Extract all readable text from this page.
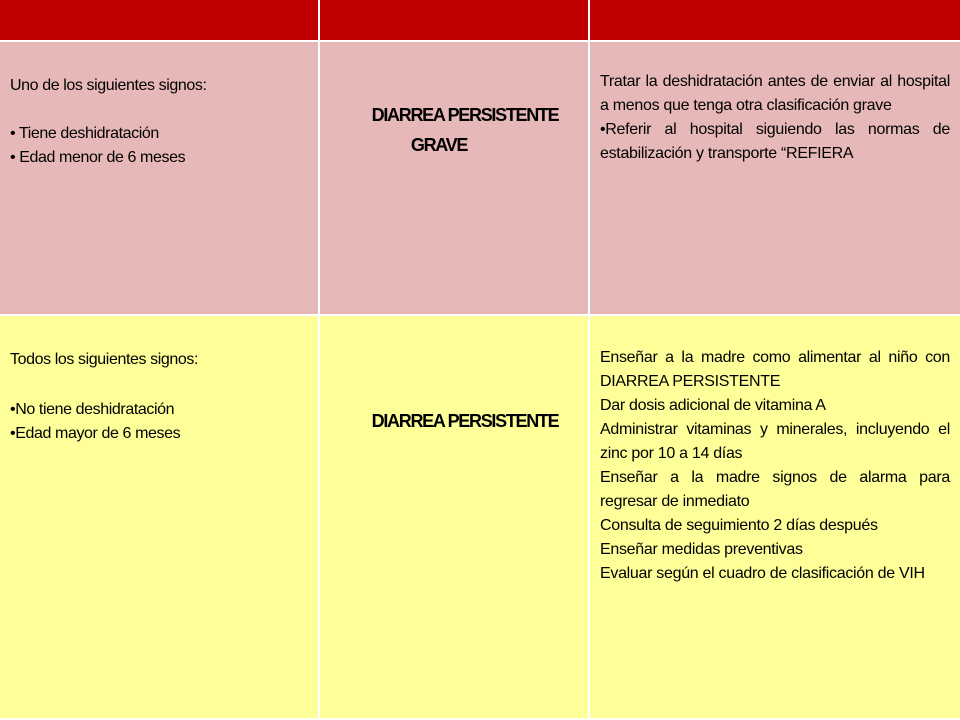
Uno de los siguientes signos:
• Tiene deshidratación
• Edad menor de 6 meses
DIARREA PERSISTENTE
GRAVE

Tratar la deshidratación antes de enviar al hospital a menos que tenga otra clasificación grave

•Referir al hospital siguiendo las normas de estabilización y transporte “REFIERA

Todos los siguientes signos:
•No tiene deshidratación
•Edad mayor de 6 meses
DIARREA PERSISTENTE

Enseñar a la madre como alimentar al niño con DIARREA PERSISTENTE

Dar dosis adicional de vitamina A

Administrar vitaminas y minerales, incluyendo el zinc por 10 a 14 días

Enseñar a la madre signos de alarma para regresar de inmediato

Consulta de seguimiento 2 días después

Enseñar medidas preventivas

Evaluar según el cuadro de clasificación de VIH
